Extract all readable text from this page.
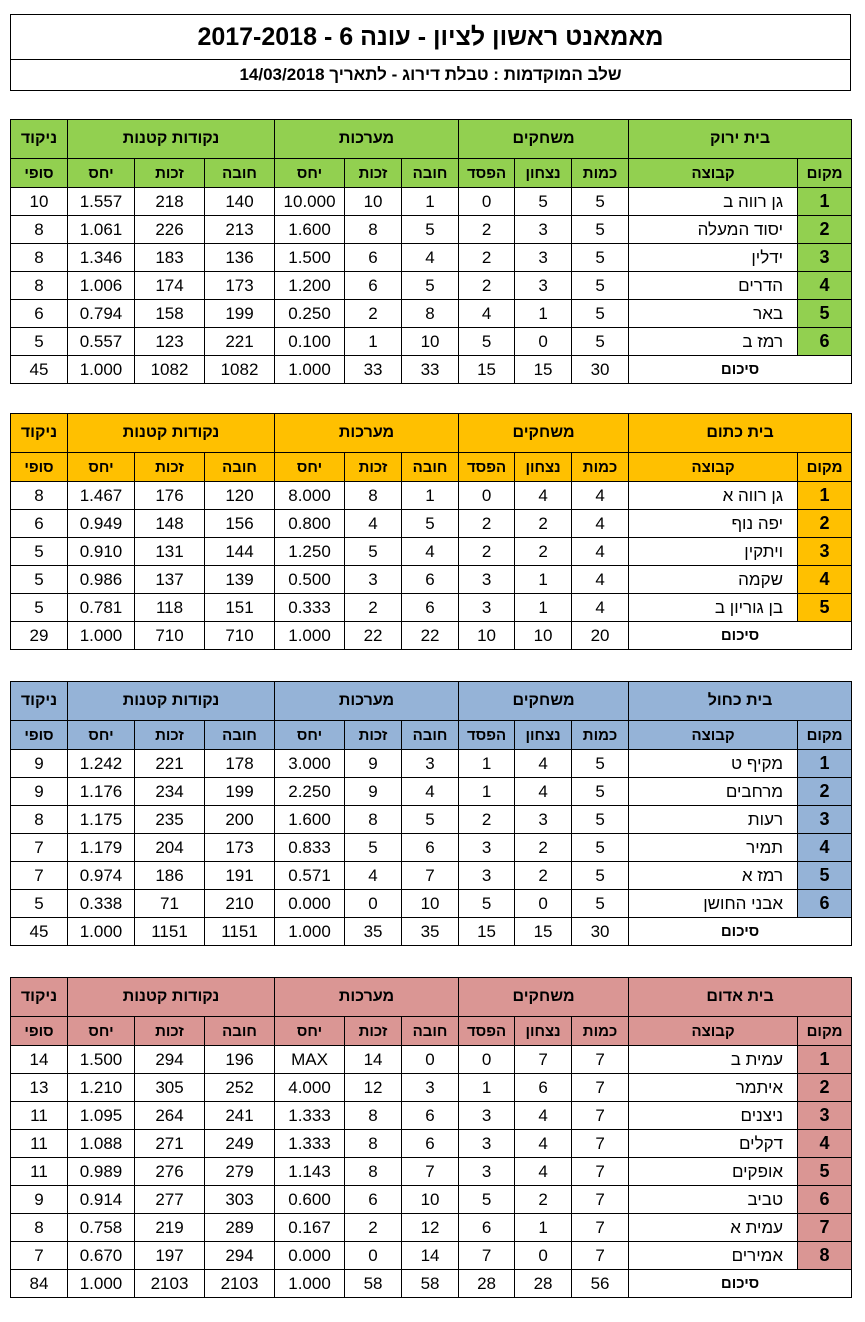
מאמאנט ראשון לציון - עונה 6 - 2017-2018
שלב המוקדמות : טבלת דירוג - לתאריך 14/03/2018
ניקוד	נקודות קטנות			מערכות			משחקים			בית ירוק	
סופי	יחס	זכות	חובה	יחס	זכות	חובה	הפסד	נצחון	כמות	קבוצה	מקום
10	1.557	218	140	10.000	10	1	0	5	5	גן רווה ב	1
8	1.061	226	213	1.600	8	5	2	3	5	יסוד המעלה	2
8	1.346	183	136	1.500	6	4	2	3	5	ידלין	3
8	1.006	174	173	1.200	6	5	2	3	5	הדרים	4
6	0.794	158	199	0.250	2	8	4	1	5	באר	5
5	0.557	123	221	0.100	1	10	5	0	5	רמז ב	6
45	1.000	1082	1082	1.000	33	33	15	15	30	סיכום	
ניקוד	נקודות קטנות			מערכות			משחקים			בית כתום	
סופי	יחס	זכות	חובה	יחס	זכות	חובה	הפסד	נצחון	כמות	קבוצה	מקום
8	1.467	176	120	8.000	8	1	0	4	4	גן רווה א	1
6	0.949	148	156	0.800	4	5	2	2	4	יפה נוף	2
5	0.910	131	144	1.250	5	4	2	2	4	ויתקין	3
5	0.986	137	139	0.500	3	6	3	1	4	שקמה	4
5	0.781	118	151	0.333	2	6	3	1	4	בן גוריון ב	5
29	1.000	710	710	1.000	22	22	10	10	20	סיכום	
ניקוד	נקודות קטנות			מערכות			משחקים			בית כחול	
סופי	יחס	זכות	חובה	יחס	זכות	חובה	הפסד	נצחון	כמות	קבוצה	מקום
9	1.242	221	178	3.000	9	3	1	4	5	מקיף ט	1
9	1.176	234	199	2.250	9	4	1	4	5	מרחבים	2
8	1.175	235	200	1.600	8	5	2	3	5	רעות	3
7	1.179	204	173	0.833	5	6	3	2	5	תמיר	4
7	0.974	186	191	0.571	4	7	3	2	5	רמז א	5
5	0.338	71	210	0.000	0	10	5	0	5	אבני החושן	6
45	1.000	1151	1151	1.000	35	35	15	15	30	סיכום	
ניקוד	נקודות קטנות			מערכות			משחקים			בית אדום	
סופי	יחס	זכות	חובה	יחס	זכות	חובה	הפסד	נצחון	כמות	קבוצה	מקום
14	1.500	294	196	MAX	14	0	0	7	7	עמית ב	1
13	1.210	305	252	4.000	12	3	1	6	7	איתמר	2
11	1.095	264	241	1.333	8	6	3	4	7	ניצנים	3
11	1.088	271	249	1.333	8	6	3	4	7	דקלים	4
11	0.989	276	279	1.143	8	7	3	4	7	אופקים	5
9	0.914	277	303	0.600	6	10	5	2	7	טביב	6
8	0.758	219	289	0.167	2	12	6	1	7	עמית א	7
7	0.670	197	294	0.000	0	14	7	0	7	אמירים	8
84	1.000	2103	2103	1.000	58	58	28	28	56	סיכום	
